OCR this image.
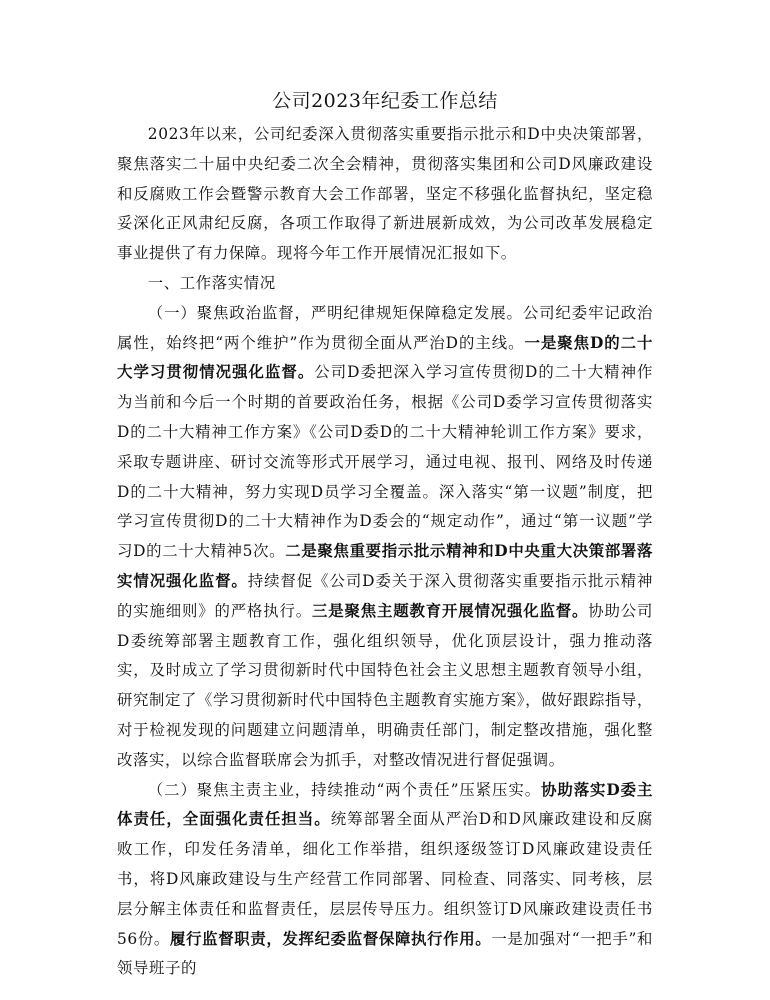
公司2023年纪委工作总结

2023年以来，公司纪委深入贯彻落实重要指示批示和D中央决策部署，聚焦落实二十届中央纪委二次全会精神，贯彻落实集团和公司D风廉政建设和反腐败工作会暨警示教育大会工作部署，坚定不移强化监督执纪，坚定稳妥深化正风肃纪反腐，各项工作取得了新进展新成效，为公司改革发展稳定事业提供了有力保障。现将今年工作开展情况汇报如下。

一、工作落实情况

（一）聚焦政治监督，严明纪律规矩保障稳定发展。公司纪委牢记政治属性，始终把“两个维护”作为贯彻全面从严治D的主线。一是聚焦D的二十大学习贯彻情况强化监督。公司D委把深入学习宣传贯彻D的二十大精神作为当前和今后一个时期的首要政治任务，根据《公司D委学习宣传贯彻落实D的二十大精神工作方案》《公司D委D的二十大精神轮训工作方案》要求，采取专题讲座、研讨交流等形式开展学习，通过电视、报刊、网络及时传递D的二十大精神，努力实现D员学习全覆盖。深入落实“第一议题”制度，把学习宣传贯彻D的二十大精神作为D委会的“规定动作”，通过“第一议题”学习D的二十大精神5次。二是聚焦重要指示批示精神和D中央重大决策部署落实情况强化监督。持续督促《公司D委关于深入贯彻落实重要指示批示精神的实施细则》的严格执行。三是聚焦主题教育开展情况强化监督。协助公司D委统筹部署主题教育工作，强化组织领导，优化顶层设计，强力推动落实，及时成立了学习贯彻新时代中国特色社会主义思想主题教育领导小组，研究制定了《学习贯彻新时代中国特色主题教育实施方案》，做好跟踪指导，对于检视发现的问题建立问题清单，明确责任部门，制定整改措施，强化整改落实，以综合监督联席会为抓手，对整改情况进行督促强调。

（二）聚焦主责主业，持续推动“两个责任”压紧压实。协助落实D委主体责任，全面强化责任担当。统筹部署全面从严治D和D风廉政建设和反腐败工作，印发任务清单，细化工作举措，组织逐级签订D风廉政建设责任书，将D风廉政建设与生产经营工作同部署、同检查、同落实、同考核，层层分解主体责任和监督责任，层层传导压力。组织签订D风廉政建设责任书56份。履行监督职责，发挥纪委监督保障执行作用。一是加强对“一把手”和领导班子的
